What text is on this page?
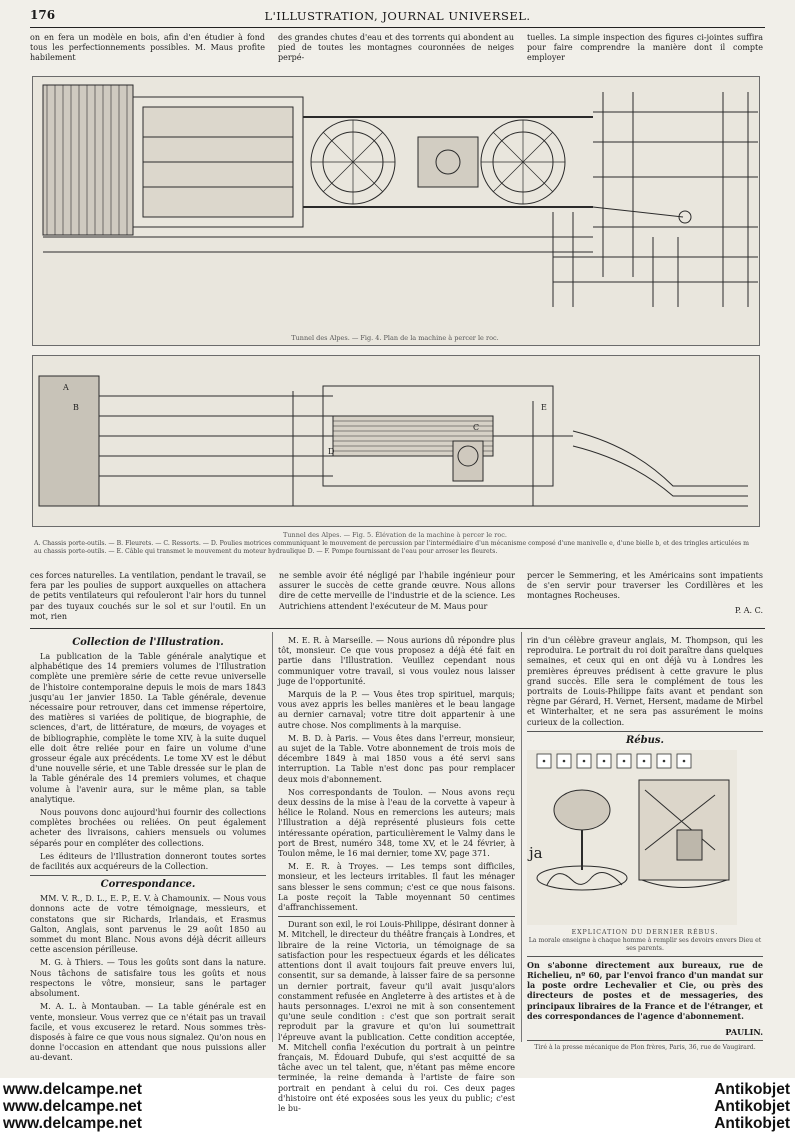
176	L'ILLUSTRATION, JOURNAL UNIVERSEL.
on en fera un modèle en bois, afin d'en étudier à fond tous les perfectionnements possibles. M. Maus profite habilement
des grandes chutes d'eau et des torrents qui abondent au pied de toutes les montagnes couronnées de neiges perpé-
tuelles. La simple inspection des figures ci-jointes suffira pour faire comprendre la manière dont il compte employer
Tunnel des Alpes. — Fig. 4. Plan de la machine à percer le roc.
A
B
C
D
E
Tunnel des Alpes. — Fig. 5. Élévation de la machine à percer le roc.
A. Chassis porte-outils. — B. Fleurets. — C. Ressorts. — D. Poulies motrices communiquant le mouvement de percussion par l'intermédiaire d'un mécanisme composé d'une manivelle e, d'une bielle b, et des tringles articulées m au chassis porte-outils. — E. Câble qui transmet le mouvement du moteur hydraulique D. — F. Pompe fournissant de l'eau pour arroser les fleurets.
ces forces naturelles. La ventilation, pendant le travail, se fera par les poulies de support auxquelles on attachera de petits ventilateurs qui refouleront l'air hors du tunnel par des tuyaux couchés sur le sol et sur l'outil. En un mot, rien
ne semble avoir été négligé par l'habile ingénieur pour assurer le succès de cette grande œuvre. Nous allons dire de cette merveille de l'industrie et de la science. Les Autrichiens attendent l'exécuteur de M. Maus pour
percer le Semmering, et les Américains sont impatients de s'en servir pour traverser les Cordillères et les montagnes Rocheuses.
P. A. C.
Collection de l'Illustration.
La publication de la Table générale analytique et alphabétique des 14 premiers volumes de l'Illustration complète une première série de cette revue universelle de l'histoire contemporaine depuis le mois de mars 1843 jusqu'au 1er janvier 1850. La Table générale, devenue nécessaire pour retrouver, dans cet immense répertoire, des matières si variées de politique, de biographie, de sciences, d'art, de littérature, de mœurs, de voyages et de bibliographie, complète le tome XIV, à la suite duquel elle doit être reliée pour en faire un volume d'une grosseur égale aux précédents. Le tome XV est le début d'une nouvelle série, et une Table dressée sur le plan de la Table générale des 14 premiers volumes, et chaque volume à l'avenir aura, sur le même plan, sa table analytique.
Nous pouvons donc aujourd'hui fournir des collections complètes brochées ou reliées. On peut également acheter des livraisons, cahiers mensuels ou volumes séparés pour en compléter des collections.
Les éditeurs de l'Illustration donneront toutes sortes de facilités aux acquéreurs de la Collection.
Correspondance.
MM. V. R., D. L., E. P., E. V. à Chamounix. — Nous vous donnons acte de votre témoignage, messieurs, et constatons que sir Richards, Irlandais, et Erasmus Galton, Anglais, sont parvenus le 29 août 1850 au sommet du mont Blanc. Nous avons déjà décrit ailleurs cette ascension périlleuse.
M. G. à Thiers. — Tous les goûts sont dans la nature. Nous tâchons de satisfaire tous les goûts et nous respectons le vôtre, monsieur, sans le partager absolument.
M. A. L. à Montauban. — La table générale est en vente, monsieur. Vous verrez que ce n'était pas un travail facile, et vous excuserez le retard. Nous sommes très-disposés à faire ce que vous nous signalez. Qu'on nous en donne l'occasion en attendant que nous puissions aller au-devant.
M. E. R. à Marseille. — Nous aurions dû répondre plus tôt, monsieur. Ce que vous proposez a déjà été fait en partie dans l'Illustration. Veuillez cependant nous communiquer votre travail, si vous voulez nous laisser juge de l'opportunité.
Marquis de la P. — Vous êtes trop spirituel, marquis; vous avez appris les belles manières et le beau langage au dernier carnaval; votre titre doit appartenir à une autre chose. Nos compliments à la marquise.
M. B. D. à Paris. — Vous êtes dans l'erreur, monsieur, au sujet de la Table. Votre abonnement de trois mois de décembre 1849 à mai 1850 vous a été servi sans interruption. La Table n'est donc pas pour remplacer deux mois d'abonnement.
Nos correspondants de Toulon. — Nous avons reçu deux dessins de la mise à l'eau de la corvette à vapeur à hélice le Roland. Nous en remercions les auteurs; mais l'Illustration a déjà représenté plusieurs fois cette intéressante opération, particulièrement le Valmy dans le port de Brest, numéro 348, tome XV, et le 24 février, à Toulon même, le 16 mai dernier, tome XV, page 371.
M. E. R. à Troyes. — Les temps sont difficiles, monsieur, et les lecteurs irritables. Il faut les ménager sans blesser le sens commun; c'est ce que nous faisons. La poste reçoit la Table moyennant 50 centimes d'affranchissement.
Durant son exil, le roi Louis-Philippe, désirant donner à M. Mitchell, le directeur du théâtre français à Londres, et libraire de la reine Victoria, un témoignage de sa satisfaction pour les respectueux égards et les délicates attentions dont il avait toujours fait preuve envers lui, consentit, sur sa demande, à laisser faire de sa personne un dernier portrait, faveur qu'il avait jusqu'alors constamment refusée en Angleterre à des artistes et à de hauts personnages. L'exroi ne mit à son consentement qu'une seule condition : c'est que son portrait serait reproduit par la gravure et qu'on lui soumettrait l'épreuve avant la publication. Cette condition acceptée, M. Mitchell confia l'exécution du portrait à un peintre français, M. Édouard Dubufe, qui s'est acquitté de sa tâche avec un tel talent, que, n'étant pas même encore terminée, la reine demanda à l'artiste de faire son portrait en pendant à celui du roi. Ces deux pages d'histoire ont été exposées sous les yeux du public; c'est le bu-
rin d'un célèbre graveur anglais, M. Thompson, qui les reproduira. Le portrait du roi doit paraître dans quelques semaines, et ceux qui en ont déjà vu à Londres les premières épreuves prédisent à cette gravure le plus grand succès. Elle sera le complément de tous les portraits de Louis-Philippe faits avant et pendant son règne par Gérard, H. Vernet, Hersent, madame de Mirbel et Winterhalter, et ne sera pas assurément le moins curieux de la collection.
Rébus.
ja
EXPLICATION DU DERNIER RÉBUS.
La morale enseigne à chaque homme à remplir ses devoirs envers Dieu et ses parents.
On s'abonne directement aux bureaux, rue de Richelieu, nº 60, par l'envoi franco d'un mandat sur la poste ordre Lechevalier et Cie, ou près des directeurs de postes et de messageries, des principaux libraires de la France et de l'étranger, et des correspondances de l'agence d'abonnement.
PAULIN.
Tiré à la presse mécanique de Plon frères, Paris, 36, rue de Vaugirard.
www.delcampe.net
www.delcampe.net
www.delcampe.net
Antikobjet
Antikobjet
Antikobjet
